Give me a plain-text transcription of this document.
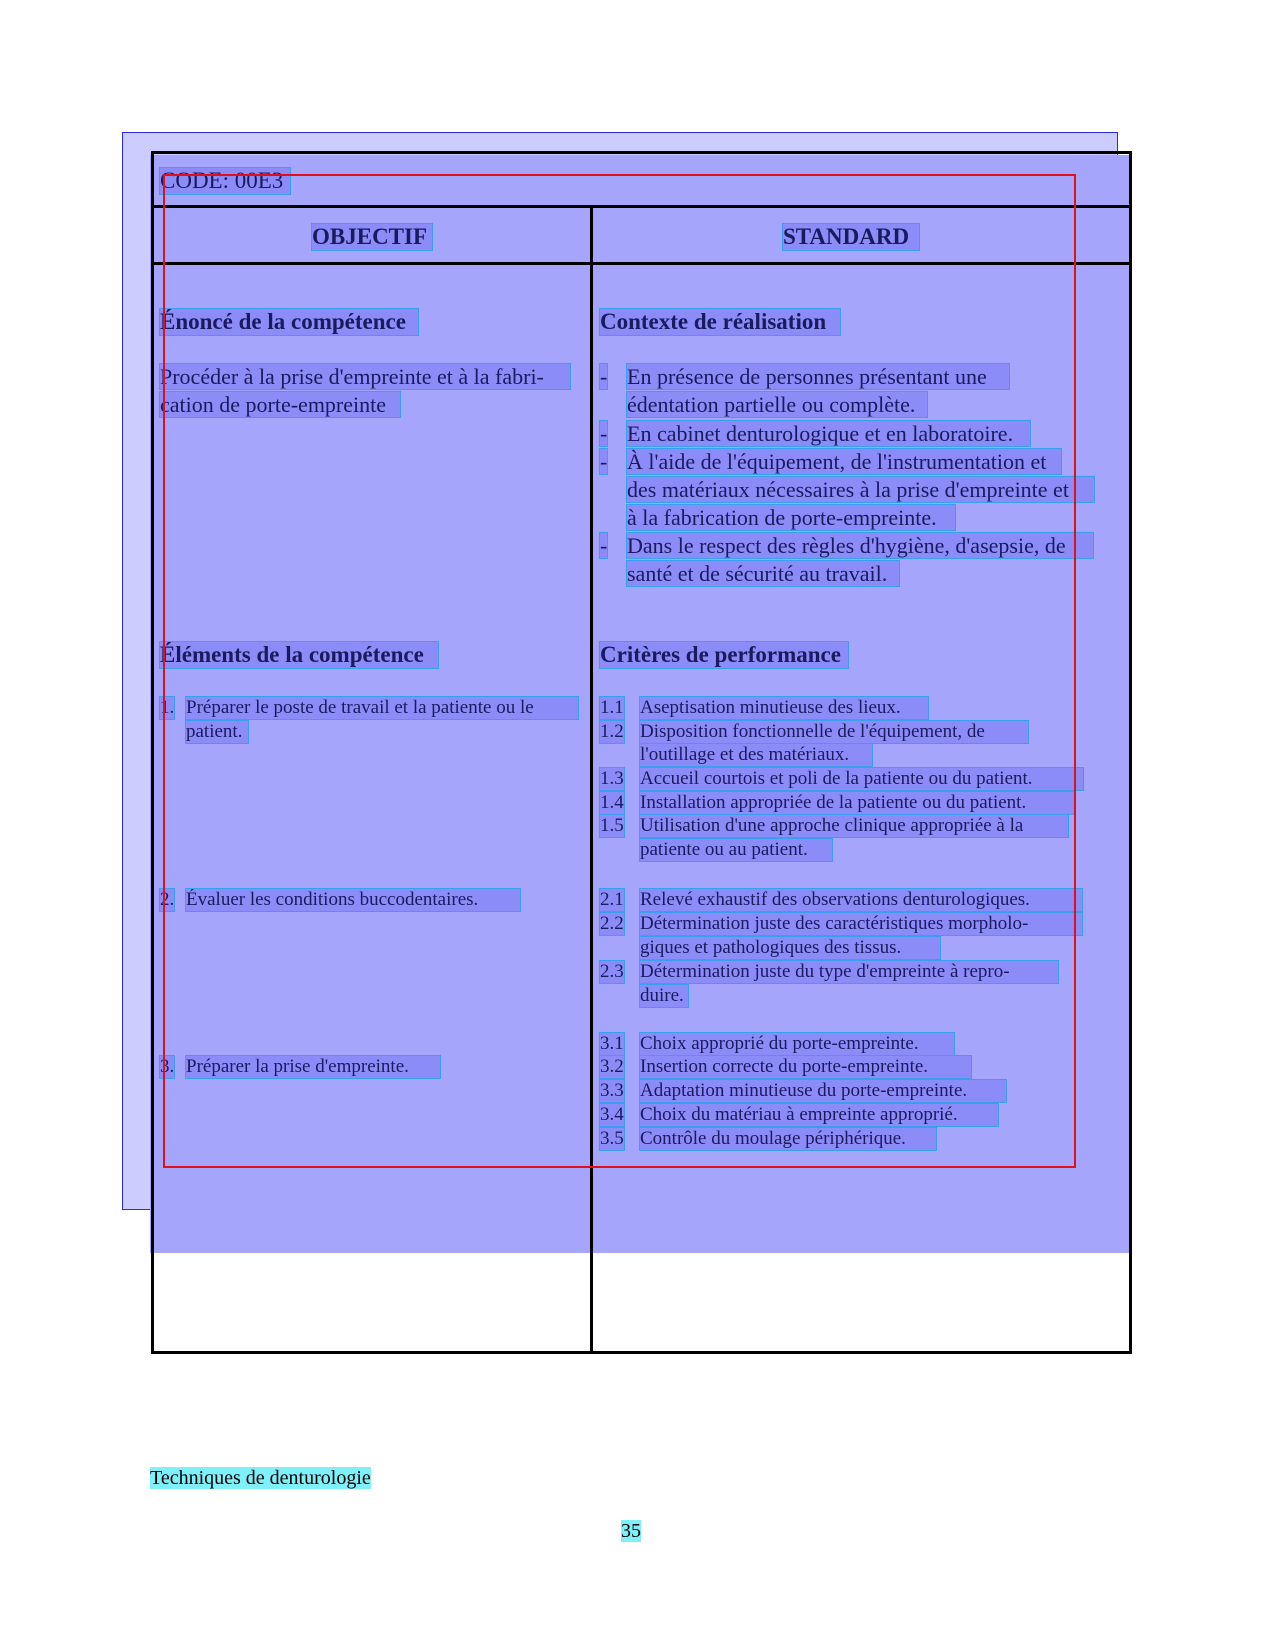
CODE: 00E3
OBJECTIF	STANDARD
Énoncé de la compétence
Procéder à la prise d'empreinte et à la fabri-
cation de porte-empreinte
Éléments de la compétence
1. Préparer le poste de travail et la patiente ou le
patient.
2. Évaluer les conditions buccodentaires.
3. Préparer la prise d'empreinte.
Contexte de réalisation
- En présence de personnes présentant une
édentation partielle ou complète.
- En cabinet denturologique et en laboratoire.
- À l'aide de l'équipement, de l'instrumentation et
des matériaux nécessaires à la prise d'empreinte et
à la fabrication de porte-empreinte.
- Dans le respect des règles d'hygiène, d'asepsie, de
santé et de sécurité au travail.
Critères de performance
1.1 Aseptisation minutieuse des lieux.
1.2 Disposition fonctionnelle de l'équipement, de
l'outillage et des matériaux.
1.3 Accueil courtois et poli de la patiente ou du patient.
1.4 Installation appropriée de la patiente ou du patient.
1.5 Utilisation d'une approche clinique appropriée à la
patiente ou au patient.
2.1 Relevé exhaustif des observations denturologiques.
2.2 Détermination juste des caractéristiques morpholo-
giques et pathologiques des tissus.
2.3 Détermination juste du type d'empreinte à repro-
duire.
3.1 Choix approprié du porte-empreinte.
3.2 Insertion correcte du porte-empreinte.
3.3 Adaptation minutieuse du porte-empreinte.
3.4 Choix du matériau à empreinte approprié.
3.5 Contrôle du moulage périphérique.
Techniques de denturologie
35
